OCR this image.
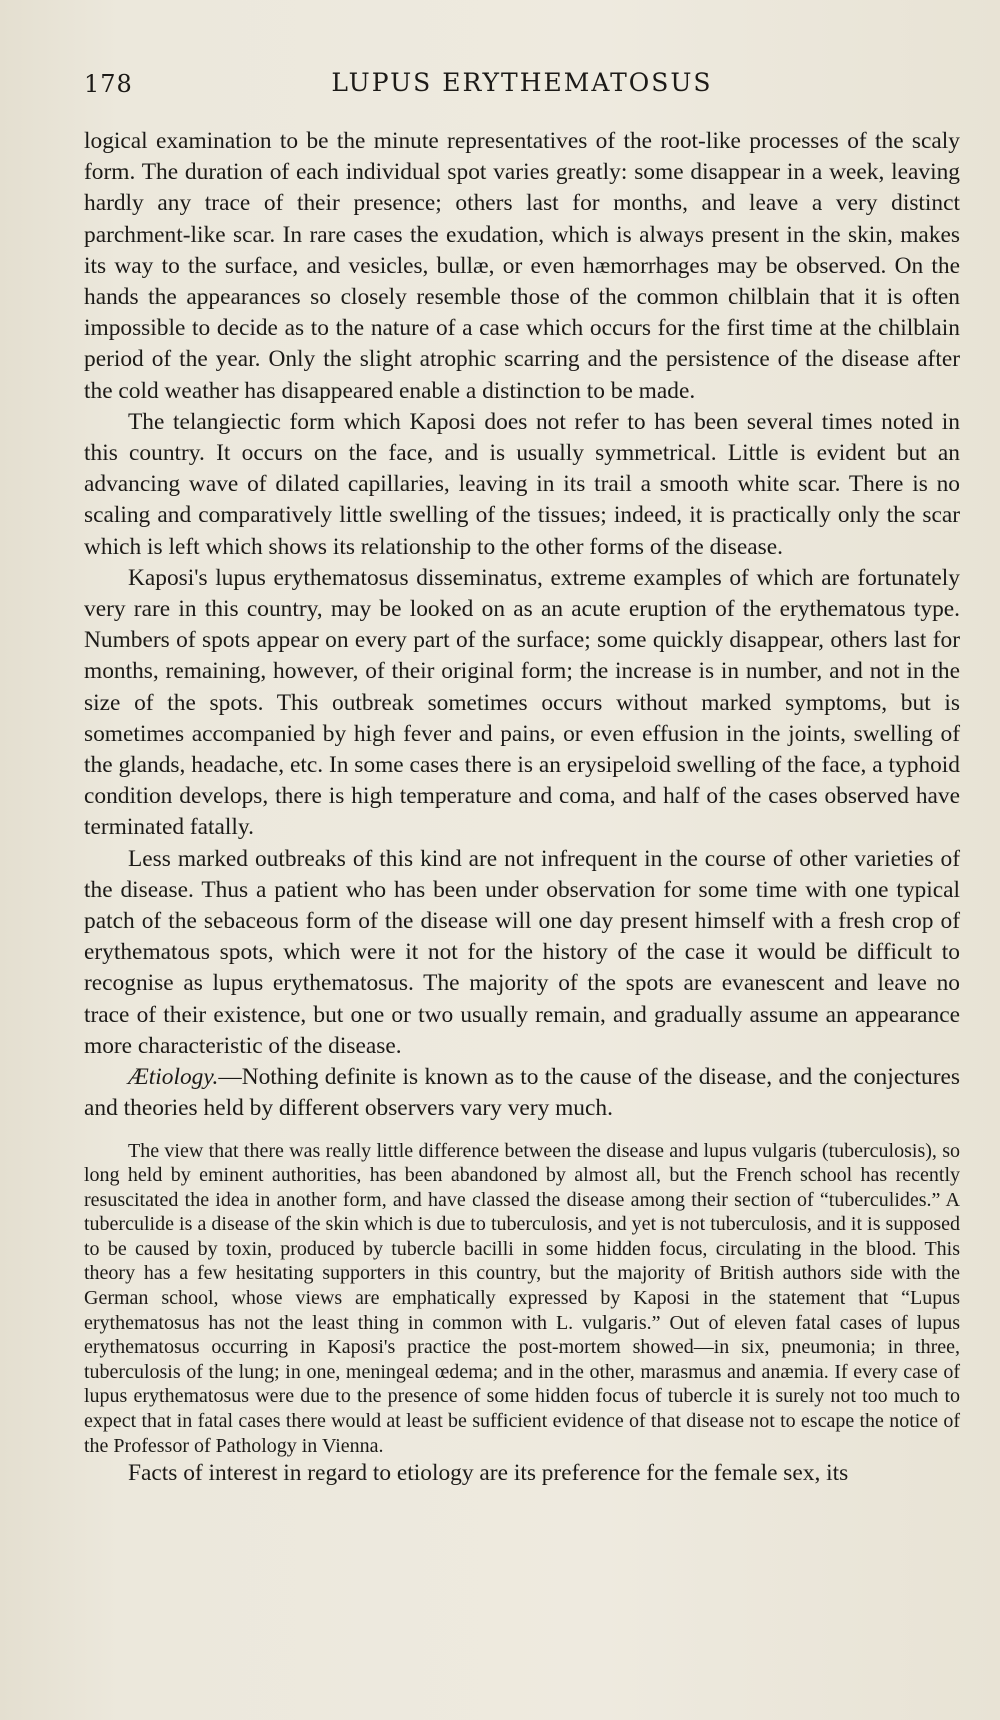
178	LUPUS ERYTHEMATOSUS

logical examination to be the minute representatives of the root-like processes of the scaly form. The duration of each individual spot varies greatly: some disappear in a week, leaving hardly any trace of their presence; others last for months, and leave a very distinct parchment-like scar. In rare cases the exudation, which is always present in the skin, makes its way to the surface, and vesicles, bullæ, or even hæmorrhages may be observed. On the hands the appearances so closely resemble those of the common chilblain that it is often impossible to decide as to the nature of a case which occurs for the first time at the chilblain period of the year. Only the slight atrophic scarring and the persistence of the disease after the cold weather has disappeared enable a distinction to be made.

The telangiectic form which Kaposi does not refer to has been several times noted in this country. It occurs on the face, and is usually symmetrical. Little is evident but an advancing wave of dilated capillaries, leaving in its trail a smooth white scar. There is no scaling and comparatively little swelling of the tissues; indeed, it is practically only the scar which is left which shows its relationship to the other forms of the disease.

Kaposi's lupus erythematosus disseminatus, extreme examples of which are fortunately very rare in this country, may be looked on as an acute eruption of the erythematous type. Numbers of spots appear on every part of the surface; some quickly disappear, others last for months, remaining, however, of their original form; the increase is in number, and not in the size of the spots. This outbreak sometimes occurs without marked symptoms, but is sometimes accompanied by high fever and pains, or even effusion in the joints, swelling of the glands, headache, etc. In some cases there is an erysipeloid swelling of the face, a typhoid condition develops, there is high temperature and coma, and half of the cases observed have terminated fatally.

Less marked outbreaks of this kind are not infrequent in the course of other varieties of the disease. Thus a patient who has been under observation for some time with one typical patch of the sebaceous form of the disease will one day present himself with a fresh crop of erythematous spots, which were it not for the history of the case it would be difficult to recognise as lupus erythematosus. The majority of the spots are evanescent and leave no trace of their existence, but one or two usually remain, and gradually assume an appearance more characteristic of the disease.

Ætiology.—Nothing definite is known as to the cause of the disease, and the conjectures and theories held by different observers vary very much.

The view that there was really little difference between the disease and lupus vulgaris (tuberculosis), so long held by eminent authorities, has been abandoned by almost all, but the French school has recently resuscitated the idea in another form, and have classed the disease among their section of “tuberculides.” A tuberculide is a disease of the skin which is due to tuberculosis, and yet is not tuberculosis, and it is supposed to be caused by toxin, produced by tubercle bacilli in some hidden focus, circulating in the blood. This theory has a few hesitating supporters in this country, but the majority of British authors side with the German school, whose views are emphatically expressed by Kaposi in the statement that “Lupus erythematosus has not the least thing in common with L. vulgaris.” Out of eleven fatal cases of lupus erythematosus occurring in Kaposi's practice the post-mortem showed—in six, pneumonia; in three, tuberculosis of the lung; in one, meningeal œdema; and in the other, marasmus and anæmia. If every case of lupus erythematosus were due to the presence of some hidden focus of tubercle it is surely not too much to expect that in fatal cases there would at least be sufficient evidence of that disease not to escape the notice of the Professor of Pathology in Vienna.

Facts of interest in regard to etiology are its preference for the female sex, its
